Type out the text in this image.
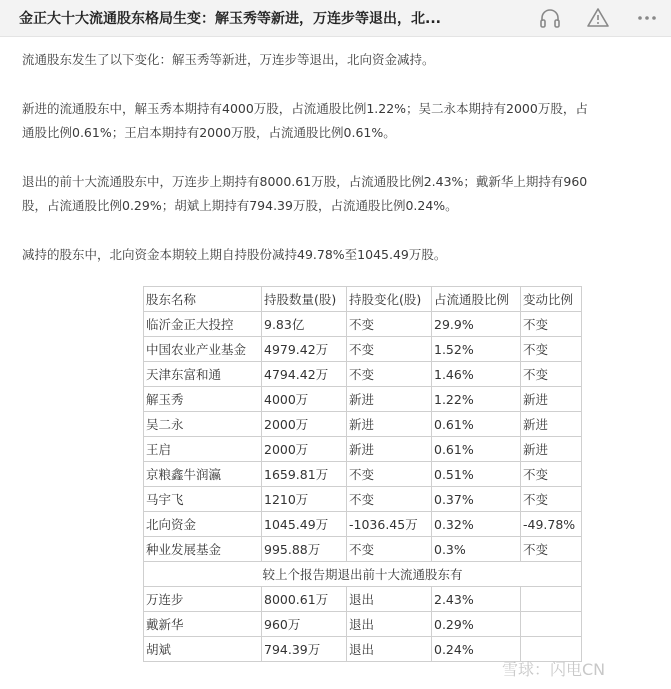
金正大十大流通股东格局生变：解玉秀等新进，万连步等退出，北...

流通股东发生了以下变化：解玉秀等新进，万连步等退出，北向资金减持。

新进的流通股东中，解玉秀本期持有4000万股，占流通股比例1.22%；吴二永本期持有2000万股，占

通股比例0.61%；王启本期持有2000万股，占流通股比例0.61%。

退出的前十大流通股东中，万连步上期持有8000.61万股，占流通股比例2.43%；戴新华上期持有960

股，占流通股比例0.29%；胡斌上期持有794.39万股，占流通股比例0.24%。

减持的股东中，北向资金本期较上期自持股份减持49.78%至1045.49万股。

股东名称	持股数量(股)	持股变化(股)	占流通股比例	变动比例
临沂金正大投控	9.83亿	不变	29.9%	不变
中国农业产业基金	4979.42万	不变	1.52%	不变
天津东富和通	4794.42万	不变	1.46%	不变
解玉秀	4000万	新进	1.22%	新进
吴二永	2000万	新进	0.61%	新进
王启	2000万	新进	0.61%	新进
京粮鑫牛润瀛	1659.81万	不变	0.51%	不变
马宇飞	1210万	不变	0.37%	不变
北向资金	1045.49万	-1036.45万	0.32%	-49.78%
种业发展基金	995.88万	不变	0.3%	不变
较上个报告期退出前十大流通股东有				
万连步	8000.61万	退出	2.43%	
戴新华	960万	退出	0.29%	
胡斌	794.39万	退出	0.24%	
雪球：闪电CN
